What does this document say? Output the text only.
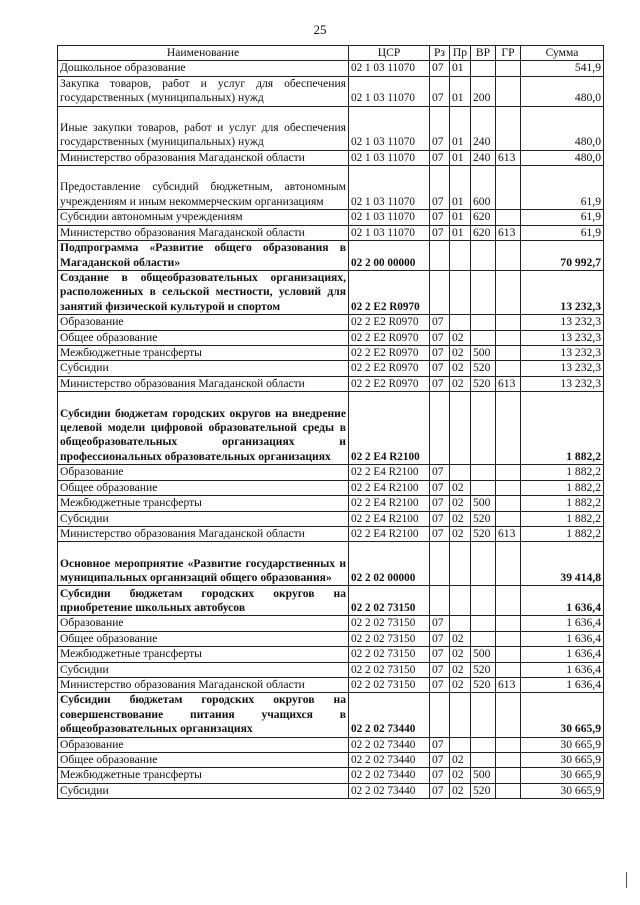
25
Наименование	ЦСР	Рз	Пр	ВР	ГР	Сумма
Дошкольное образование	02 1 03 11070	07	01			541,9
Закупка товаров, работ и услуг для обеспечения государственных (муниципальных) нужд	02 1 03 11070	07	01	200		480,0
Иные закупки товаров, работ и услуг для обеспечения государственных (муниципальных) нужд	02 1 03 11070	07	01	240		480,0
Министерство образования Магаданской области	02 1 03 11070	07	01	240	613	480,0
Предоставление субсидий бюджетным, автономным учреждениям и иным некоммерческим организациям	02 1 03 11070	07	01	600		61,9
Субсидии автономным учреждениям	02 1 03 11070	07	01	620		61,9
Министерство образования Магаданской области	02 1 03 11070	07	01	620	613	61,9
Подпрограмма «Развитие общего образования в Магаданской области»	02 2 00 00000					70 992,7
Создание в общеобразовательных организациях, расположенных в сельской местности, условий для занятий физической культурой и спортом	02 2 E2 R0970					13 232,3
Образование	02 2 E2 R0970	07				13 232,3
Общее образование	02 2 E2 R0970	07	02			13 232,3
Межбюджетные трансферты	02 2 E2 R0970	07	02	500		13 232,3
Субсидии	02 2 E2 R0970	07	02	520		13 232,3
Министерство образования Магаданской области	02 2 E2 R0970	07	02	520	613	13 232,3
Субсидии бюджетам городских округов на внедрение целевой модели цифровой образовательной среды в общеобразовательных организациях и профессиональных образовательных организациях	02 2 E4 R2100					1 882,2
Образование	02 2 E4 R2100	07				1 882,2
Общее образование	02 2 E4 R2100	07	02			1 882,2
Межбюджетные трансферты	02 2 E4 R2100	07	02	500		1 882,2
Субсидии	02 2 E4 R2100	07	02	520		1 882,2
Министерство образования Магаданской области	02 2 E4 R2100	07	02	520	613	1 882,2
Основное мероприятие «Развитие государственных и муниципальных организаций общего образования»	02 2 02 00000					39 414,8
Субсидии бюджетам городских округов на приобретение школьных автобусов	02 2 02 73150					1 636,4
Образование	02 2 02 73150	07				1 636,4
Общее образование	02 2 02 73150	07	02			1 636,4
Межбюджетные трансферты	02 2 02 73150	07	02	500		1 636,4
Субсидии	02 2 02 73150	07	02	520		1 636,4
Министерство образования Магаданской области	02 2 02 73150	07	02	520	613	1 636,4
Субсидии бюджетам городских округов на совершенствование питания учащихся в общеобразовательных организациях	02 2 02 73440					30 665,9
Образование	02 2 02 73440	07				30 665,9
Общее образование	02 2 02 73440	07	02			30 665,9
Межбюджетные трансферты	02 2 02 73440	07	02	500		30 665,9
Субсидии	02 2 02 73440	07	02	520		30 665,9
